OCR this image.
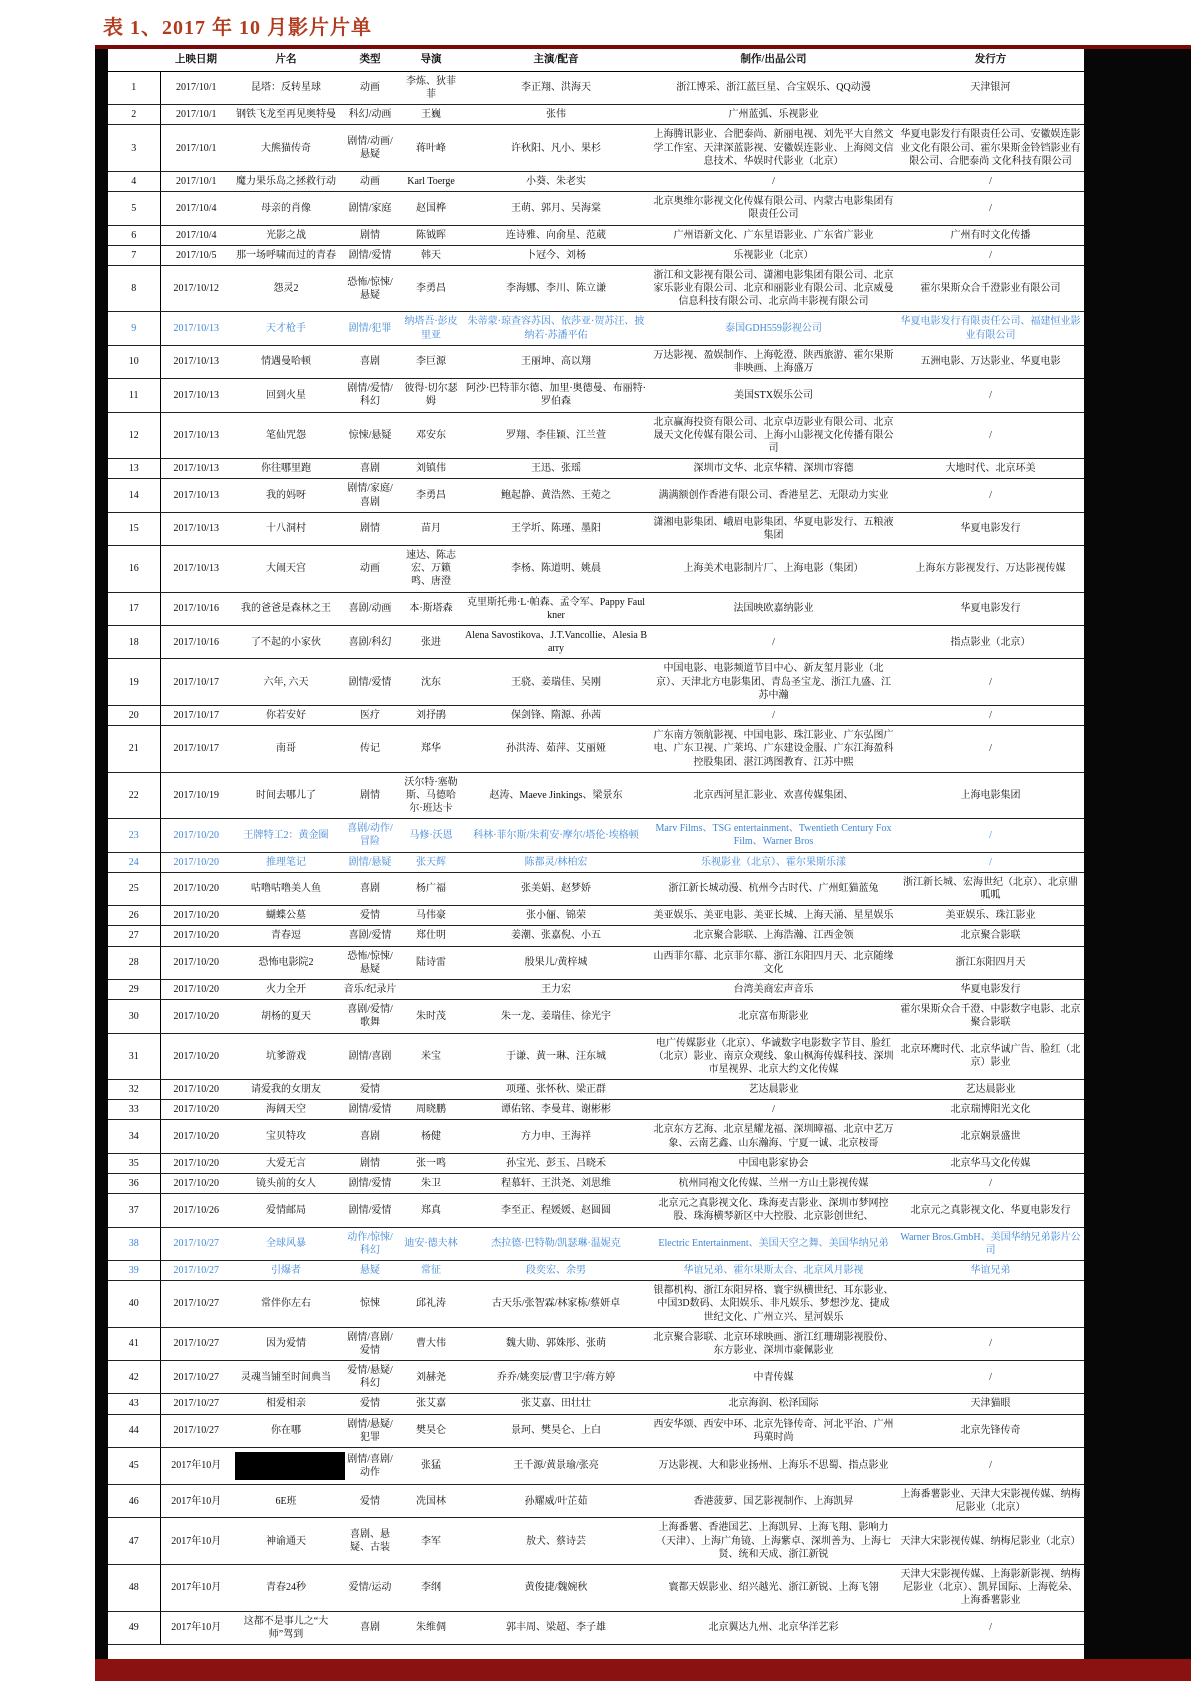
表 1、2017 年 10 月影片片单
	上映日期	片名	类型	导演	主演/配音	制作/出品公司	发行方
1	2017/10/1	昆塔：反转星球	动画	李炼、狄菲菲	李正翔、洪海天	浙江博采、浙江蓝巨星、合宝娱乐、QQ动漫	天津银河
2	2017/10/1	钢铁飞龙至再见奥特曼	科幻/动画	王巍	张伟	广州蓝弧、乐视影业	
3	2017/10/1	大熊猫传奇	剧情/动画/悬疑	蒋叶峰	许秋阳、凡小、果杉	上海腾讯影业、合肥泰尚、新丽电视、刘先平大自然文学工作室、天津深蓝影视、安徽娱连影业、上海阅文信息技术、华娱时代影业（北京）	华夏电影发行有限责任公司、安徽娱连影业文化有限公司、霍尔果斯金铃铛影业有限公司、合肥泰尚 文化科技有限公司
4	2017/10/1	魔力果乐岛之拯救行动	动画	Karl Toerge	小葵、朱老实	/	/
5	2017/10/4	母亲的肖像	剧情/家庭	赵国桦	王萌、郭月、吴海棠	北京奥维尔影视文化传媒有限公司、内蒙古电影集团有限责任公司	/
6	2017/10/4	光影之战	剧情	陈钺晖	连诗雅、向俞星、范葳	广州语新文化、广东星语影业、广东省广影业	广州有时文化传播
7	2017/10/5	那一场呼啸而过的青春	剧情/爱情	韩天	卜冠今、刘杨	乐视影业（北京）	/
8	2017/10/12	怨灵2	恐怖/惊悚/悬疑	李勇昌	李海娜、李川、陈立谦	浙江和文影视有限公司、潇湘电影集团有限公司、北京家乐影业有限公司、北京和丽影业有限公司、北京威曼信息科技有限公司、北京尚丰影视有限公司	霍尔果斯众合千澄影业有限公司
9	2017/10/13	天才枪手	剧情/犯罪	纳塔吾·彭皮里亚	朱蒂蒙·琼查容苏因、依莎亚·贺苏汪、披纳若·苏潘平佑	泰国GDH559影视公司	华夏电影发行有限责任公司、福建恒业影业有限公司
10	2017/10/13	情遇曼哈顿	喜剧	李巨源	王丽坤、高以翔	万达影视、盈娱制作、上海乾澄、陕西旅游、霍尔果斯非映画、上海盛万	五洲电影、万达影业、华夏电影
11	2017/10/13	回到火星	剧情/爱情/科幻	彼得·切尔瑟姆	阿沙·巴特菲尔德、加里·奥德曼、布丽特·罗伯森	美国STX娱乐公司	/
12	2017/10/13	笔仙咒怨	惊悚/悬疑	邓安东	罗翔、李佳颖、江兰萱	北京赢海投资有限公司、北京卓迈影业有限公司、北京晟天文化传媒有限公司、上海小山影视文化传播有限公司	/
13	2017/10/13	你往哪里跑	喜剧	刘镇伟	王迅、张瑶	深圳市文华、北京华精、深圳市容德	大地时代、北京环美
14	2017/10/13	我的妈呀	剧情/家庭/喜剧	李勇昌	鲍起静、黄浩然、王菀之	满满额创作香港有限公司、香港星艺、无限动力实业	/
15	2017/10/13	十八洞村	剧情	苗月	王学圻、陈瑾、墨阳	潇湘电影集团、峨眉电影集团、华夏电影发行、五粮液集团	华夏电影发行
16	2017/10/13	大闹天宫	动画	速达、陈志宏、万籁鸣、唐澄	李杨、陈道明、姚晨	上海美术电影制片厂、上海电影（集团）	上海东方影视发行、万达影视传媒
17	2017/10/16	我的爸爸是森林之王	喜剧/动画	本·斯塔森	克里斯托弗·L·帕森、孟令军、Pappy Faulkner	法国映欧嘉纳影业	华夏电影发行
18	2017/10/16	了不起的小家伙	喜剧/科幻	张进	Alena Savostikova、J.T.Vancollie、Alesia Barry	/	指点影业（北京）
19	2017/10/17	六年, 六天	剧情/爱情	沈东	王骁、姜瑞佳、吴刚	中国电影、电影频道节目中心、新友玺月影业（北京）、天津北方电影集团、青岛圣宝龙、浙江九盛、江苏中瀚	/
20	2017/10/17	你若安好	医疗	刘抒鹃	保剑锋、隋源、孙茜	/	/
21	2017/10/17	南哥	传记	郑华	孙洪涛、茹萍、艾丽娅	广东南方领航影视、中国电影、珠江影业、广东弘图广电、广东卫视、广莱坞、广东建设金服、广东江海盈科控股集团、湛江鸿图教育、江苏中熙	/
22	2017/10/19	时间去哪儿了	剧情	沃尔特·塞勒斯、马德哈尔·班达卡	赵涛、Maeve Jinkings、梁景东	北京西河星汇影业、欢喜传媒集团、	上海电影集团
23	2017/10/20	王牌特工2：黄金圈	喜剧/动作/冒险	马修·沃恩	科林·菲尔斯/朱莉安·摩尔/塔伦·埃格顿	Marv Films、TSG entertainment、Twentieth Century Fox Film、Warner Bros	/
24	2017/10/20	推理笔记	剧情/悬疑	张天辉	陈都灵/林柏宏	乐视影业（北京）、霍尔果斯乐漾	/
25	2017/10/20	咕噜咕噜美人鱼	喜剧	杨广福	张美娟、赵梦娇	浙江新长城动漫、杭州今古时代、广州虹猫蓝兔	浙江新长城、宏海世纪（北京）、北京鼎呱呱
26	2017/10/20	蝴蝶公墓	爱情	马伟豪	张小俪、锦荣	美亚娱乐、美亚电影、美亚长城、上海天涌、星星娱乐	美亚娱乐、珠江影业
27	2017/10/20	青春逗	喜剧/爱情	郑仕明	姜潮、张嘉倪、小五	北京聚合影联、上海浩瀚、江西金领	北京聚合影联
28	2017/10/20	恐怖电影院2	恐怖/惊悚/悬疑	陆诗雷	殷果儿/黄梓城	山西菲尔幕、北京菲尔幕、浙江东阳四月天、北京随缘文化	浙江东阳四月天
29	2017/10/20	火力全开	音乐/纪录片		王力宏	台湾美商宏声音乐	华夏电影发行
30	2017/10/20	胡杨的夏天	喜剧/爱情/歌舞	朱时茂	朱一龙、姜瑞佳、徐光宇	北京富布斯影业	霍尔果斯众合千澄、中影数字电影、北京聚合影联
31	2017/10/20	坑爹游戏	剧情/喜剧	米宝	于谦、黄一琳、汪东城	电广传媒影业（北京）、华诚数字电影数字节目、脸红（北京）影业、南京众观线、象山枫海传媒科技、深圳市星视界、北京大约文化传媒	北京环鹰时代、北京华诚广告、脸红（北京）影业
32	2017/10/20	请爱我的女朋友	爱情		项瑾、张怀秋、梁正群	艺达晨影业	艺达晨影业
33	2017/10/20	海阔天空	剧情/爱情	周晓鹏	谭佑铭、李曼茸、谢彬彬	/	北京瑞博阳光文化
34	2017/10/20	宝贝特攻	喜剧	杨健	方力申、王海祥	北京东方艺海、北京星耀龙福、深圳暲福、北京中艺万象、云南艺鑫、山东瀚海、宁夏一诚、北京桉哥	北京娴景盛世
35	2017/10/20	大爱无言	剧情	张一鸣	孙宝光、彭玉、吕晓禾	中国电影家协会	北京华马文化传媒
36	2017/10/20	镜头前的女人	剧情/爱情	朱卫	程慕轩、王洪尧、刘思维	杭州同袍文化传媒、兰州一方山土影视传媒	/
37	2017/10/26	爱情邮局	剧情/爱情	郑真	李至正、程媛媛、赵圆圆	北京元之真影视文化、珠海麦吉影业、深圳市梦网控股、珠海横琴新区中大控股、北京影创世纪、	北京元之真影视文化、华夏电影发行
38	2017/10/27	全球风暴	动作/惊悚/科幻	迪安·德夫林	杰拉德·巴特勒/凯瑟琳·温妮克	Electric Entertainment、美国天空之舞、美国华纳兄弟	Warner Bros.GmbH、美国华纳兄弟影片公司
39	2017/10/27	引爆者	悬疑	常征	段奕宏、余男	华谊兄弟、霍尔果斯太合、北京风月影视	华谊兄弟
40	2017/10/27	常伴你左右	惊悚	邱礼涛	古天乐/张智霖/林家栋/蔡妍卓	银都机构、浙江东阳昇格、寰宇纵横世纪、耳东影业、中国3D数码、太阳娱乐、非凡娱乐、梦想沙龙、捷成世纪文化、广州立兴、星河娱乐	
41	2017/10/27	因为爱情	剧情/喜剧/爱情	曹大伟	魏大勋、郭姝彤、张萌	北京聚合影联、北京环球映画、浙江红珊瑚影视股份、东方影业、深圳市豪佩影业	/
42	2017/10/27	灵魂当铺至时间典当	爱情/悬疑/科幻	刘赫尧	乔乔/姚奕辰/曹卫宇/蒋方婷	中青传媒	/
43	2017/10/27	相爱相亲	爱情	张艾嘉	张艾嘉、田壮壮	北京海润、松泽国际	天津猫眼
44	2017/10/27	你在哪	剧情/悬疑/犯罪	樊昊仑	景珂、樊昊仑、上白	西安华颂、西安中环、北京先锋传奇、河北平治、广州玛菓时尚	北京先锋传奇
45	2017年10月		剧情/喜剧/动作	张猛	王千源/黄景瑜/张亮	万达影视、大和影业扬州、上海乐不思蜀、指点影业	/
46	2017年10月	6E班	爱情	冼国林	孙耀威/叶芷茹	香港菠萝、国艺影视制作、上海凯昇	上海番薯影业、天津大宋影视传媒、纳梅尼影业（北京）
47	2017年10月	神谕通天	喜剧、悬疑、古装	李军	敖犬、蔡诗芸	上海番薯、香港国艺、上海凯昇、上海飞翔、影响力（天津）、上海广角镜、上海紫卓、深圳善为、上海七贤、统和天成、浙江新锐	天津大宋影视传媒、纳梅尼影业（北京）
48	2017年10月	青春24秒	爱情/运动	李纲	黄俊捷/魏婉秋	寰都天娱影业、绍兴越光、浙江新锐、上海飞翎	天津大宋影视传媒、上海影新影视、纳梅尼影业（北京）、凯昇国际、上海乾朵、上海番薯影业
49	2017年10月	这都不是事儿之“大师”驾到	喜剧	朱维倜	郭丰周、梁超、李子雄	北京翼达九州、北京华洋艺彩	/
